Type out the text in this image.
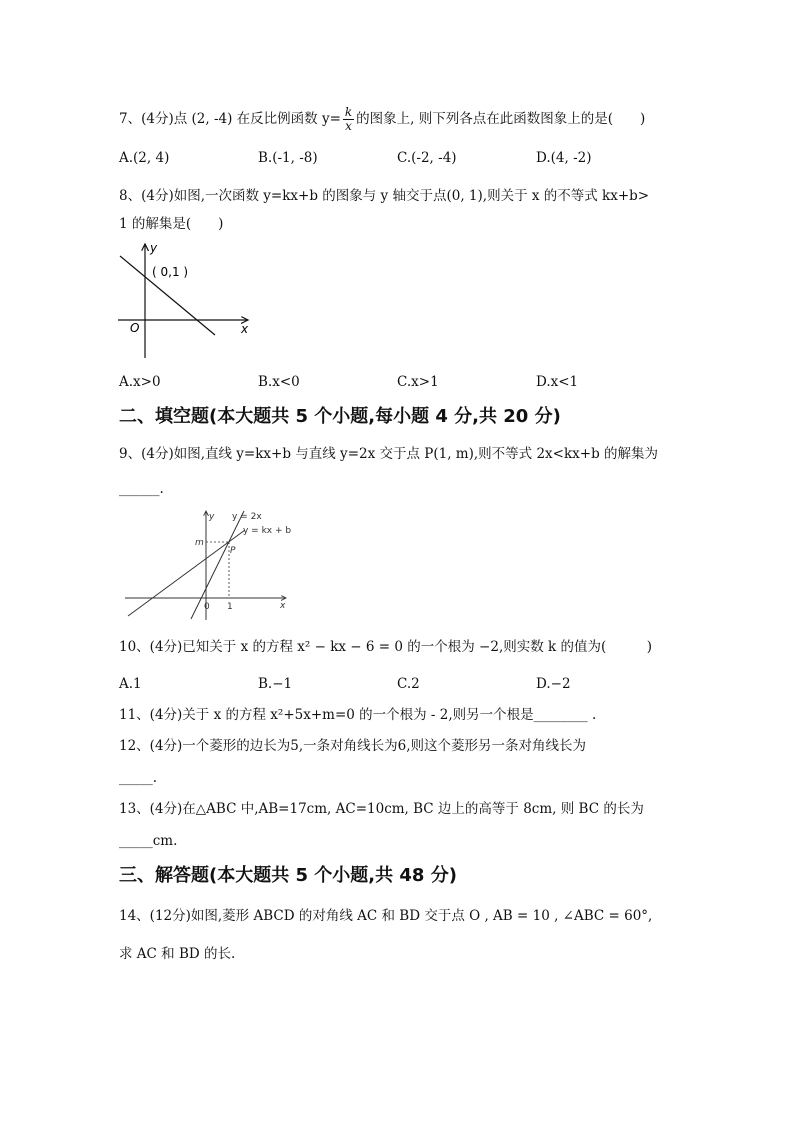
7、(4分)点 (2, -4) 在反比例函数 $y= \frac{k}{x}$ 的图象上, 则下列各点在此函数图象上的是(　　)
A.(2, 4)	B.(-1, -8)	C.(-2, -4)	D.(4, -2)
8、(4分)如图,一次函数 y=kx+b 的图象与 y 轴交于点(0, 1),则关于 x 的不等式 kx+b>
1 的解集是(　　)
y
x
O
( 0,1 )
A.x>0	B.x<0	C.x>1	D.x<1
二、填空题(本大题共 5 个小题,每小题 4 分,共 20 分)
9、(4分)如图,直线 y=kx+b 与直线 y=2x 交于点 P(1, m),则不等式 2x<kx+b 的解集为
______.
y
x
y = 2x
y = kx + b
m
P
0 1
10、(4分)已知关于 x 的方程 x² − kx − 6 = 0 的一个根为 −2,则实数 k 的值为(　　　)
A.1	B.−1	C.2	D.−2
11、(4分)关于 x 的方程 x²+5x+m=0 的一个根为 - 2,则另一个根是________ .
12、(4分)一个菱形的边长为5,一条对角线长为6,则这个菱形另一条对角线长为
_____.
13、(4分)在△ABC 中,AB=17cm, AC=10cm, BC 边上的高等于 8cm, 则 BC 的长为
_____cm.
三、解答题(本大题共 5 个小题,共 48 分)
14、(12分)如图,菱形 ABCD 的对角线 AC 和 BD 交于点 O , AB = 10 , ∠ABC = 60°,
求 AC 和 BD 的长.
